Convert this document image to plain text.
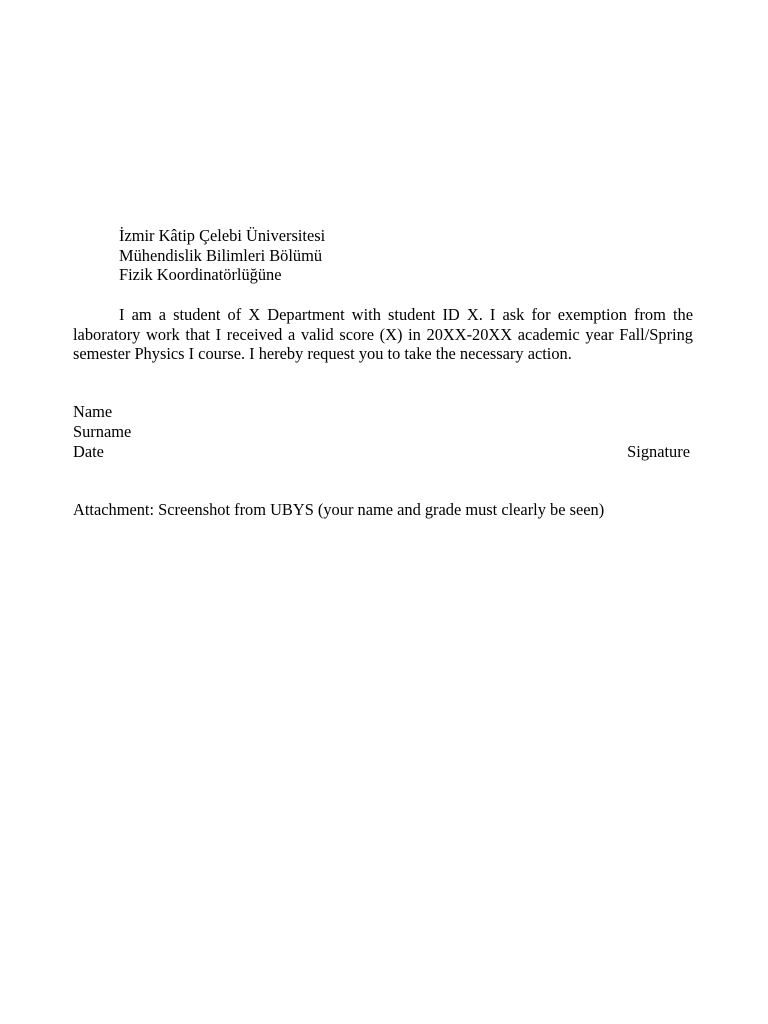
İzmir Kâtip Çelebi Üniversitesi
Mühendislik Bilimleri Bölümü
Fizik Koordinatörlüğüne

I am a student of X Department with student ID X. I ask for exemption from the laboratory work that I received a valid score (X) in 20XX-20XX academic year Fall/Spring semester Physics I course. I hereby request you to take the necessary action.

Name
Surname
Date	Signature
Attachment: Screenshot from UBYS (your name and grade must clearly be seen)
